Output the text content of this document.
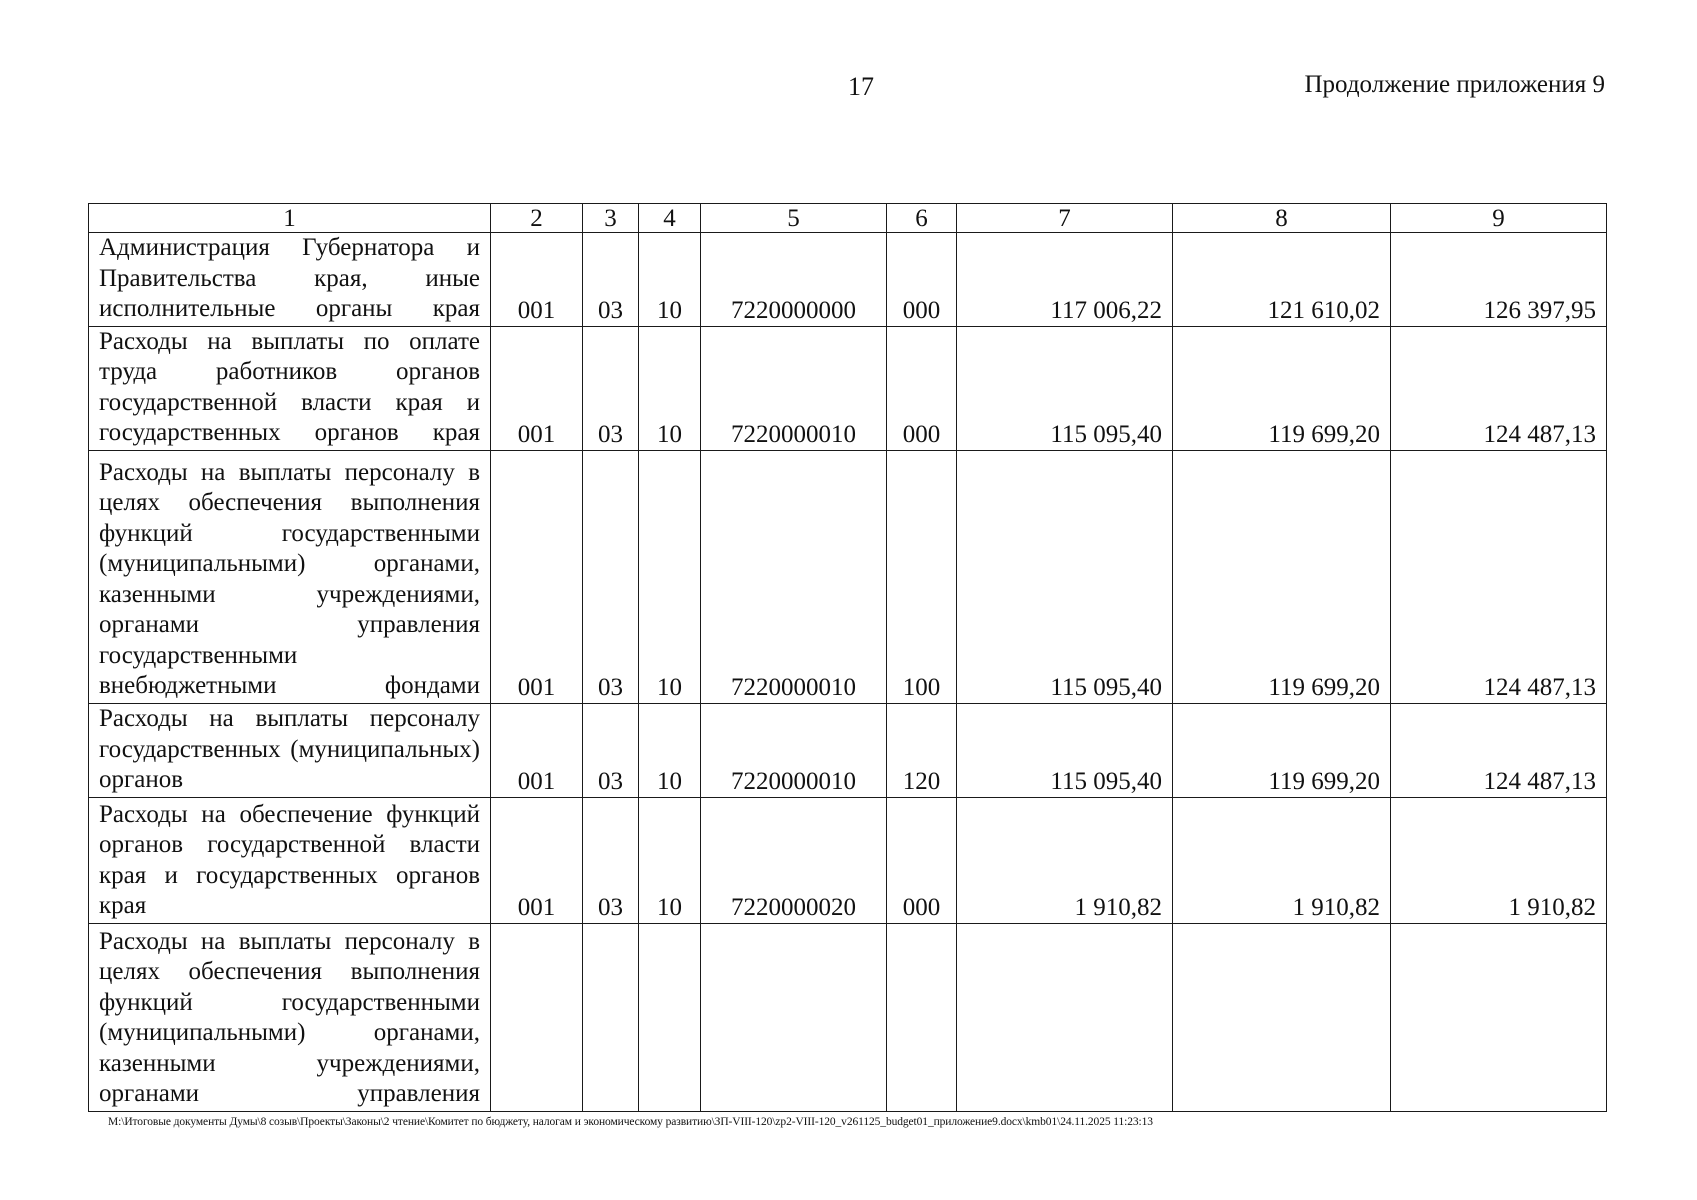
17	Продолжение приложения 9
1	2	3	4	5	6	7	8	9
Администрация Губернатора и Правительства края, иные исполнительные органы края	001	03	10	7220000000	000	117 006,22	121 610,02	126 397,95
Расходы на выплаты по оплате труда работников органов государственной власти края и государственных органов края	001	03	10	7220000010	000	115 095,40	119 699,20	124 487,13
Расходы на выплаты персоналу в целях обеспечения выполнения функций государственными (муниципальными) органами, казенными учреждениями, органами управления государственными внебюджетными фондами	001	03	10	7220000010	100	115 095,40	119 699,20	124 487,13
Расходы на выплаты персоналу государственных (муниципальных) органов	001	03	10	7220000010	120	115 095,40	119 699,20	124 487,13
Расходы на обеспечение функций органов государственной власти края и государственных органов края	001	03	10	7220000020	000	1 910,82	1 910,82	1 910,82
Расходы на выплаты персоналу в целях обеспечения выполнения функций государственными (муниципальными) органами, казенными учреждениями, органами управления								
M:\Итоговые документы Думы\8 созыв\Проекты\Законы\2 чтение\Комитет по бюджету, налогам и экономическому развитию\ЗП-VIII-120\zp2-VIII-120_v261125_budget01_приложение9.docx\kmb01\24.11.2025 11:23:13
